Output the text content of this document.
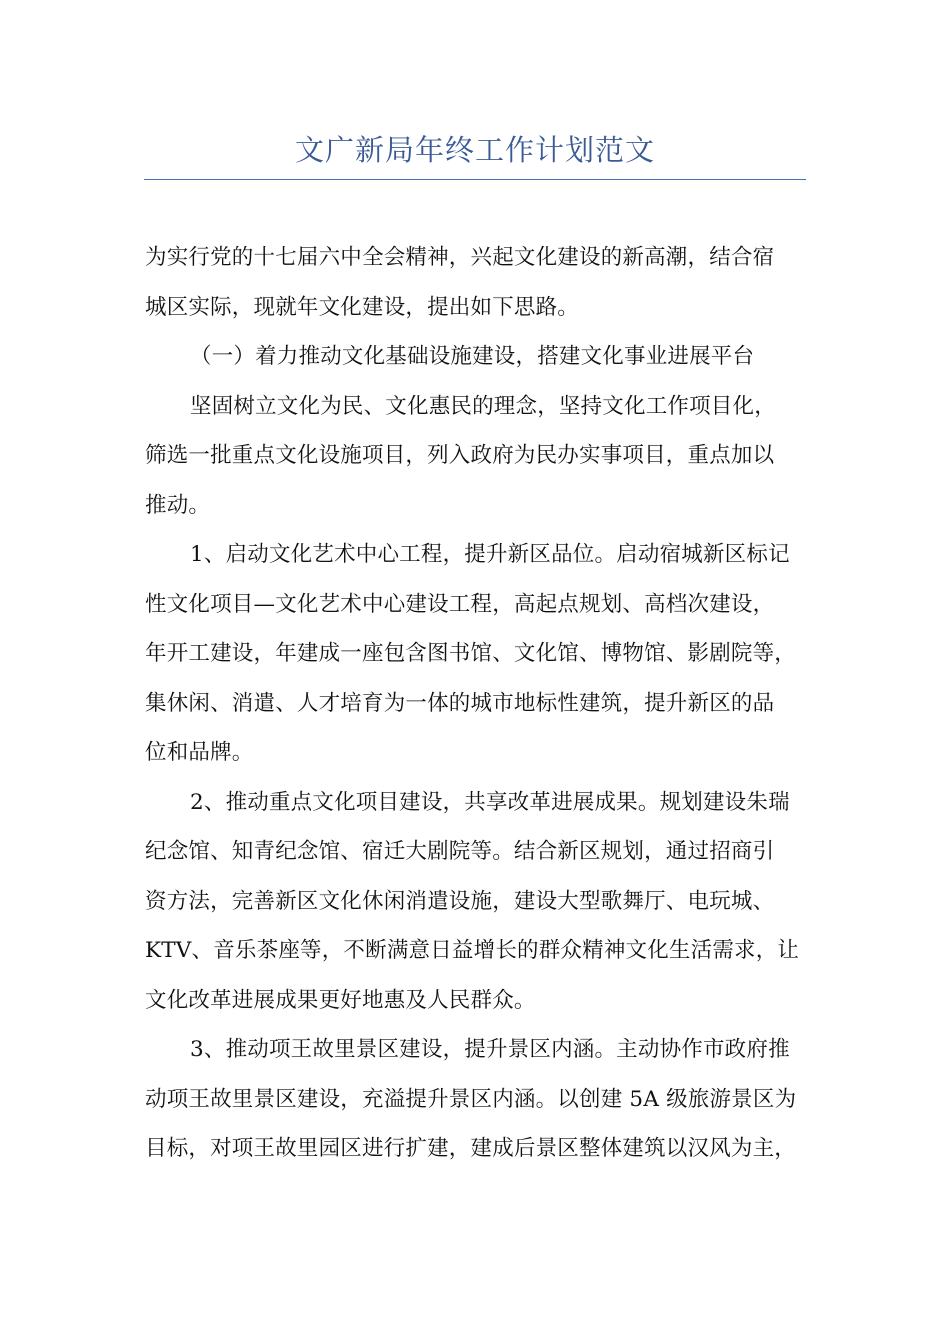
文广新局年终工作计划范文
为实行党的十七届六中全会精神，兴起文化建设的新高潮，结合宿
城区实际，现就年文化建设，提出如下思路。
（一）着力推动文化基础设施建设，搭建文化事业进展平台
坚固树立文化为民、文化惠民的理念，坚持文化工作项目化，
筛选一批重点文化设施项目，列入政府为民办实事项目，重点加以
推动。
1、启动文化艺术中心工程，提升新区品位。启动宿城新区标记
性文化项目—文化艺术中心建设工程，高起点规划、高档次建设，
年开工建设，年建成一座包含图书馆、文化馆、博物馆、影剧院等，
集休闲、消遣、人才培育为一体的城市地标性建筑，提升新区的品
位和品牌。
2、推动重点文化项目建设，共享改革进展成果。规划建设朱瑞
纪念馆、知青纪念馆、宿迁大剧院等。结合新区规划，通过招商引
资方法，完善新区文化休闲消遣设施，建设大型歌舞厅、电玩城、
KTV、音乐茶座等，不断满意日益增长的群众精神文化生活需求，让
文化改革进展成果更好地惠及人民群众。
3、推动项王故里景区建设，提升景区内涵。主动协作市政府推
动项王故里景区建设，充溢提升景区内涵。以创建 5A 级旅游景区为
目标，对项王故里园区进行扩建，建成后景区整体建筑以汉风为主，
